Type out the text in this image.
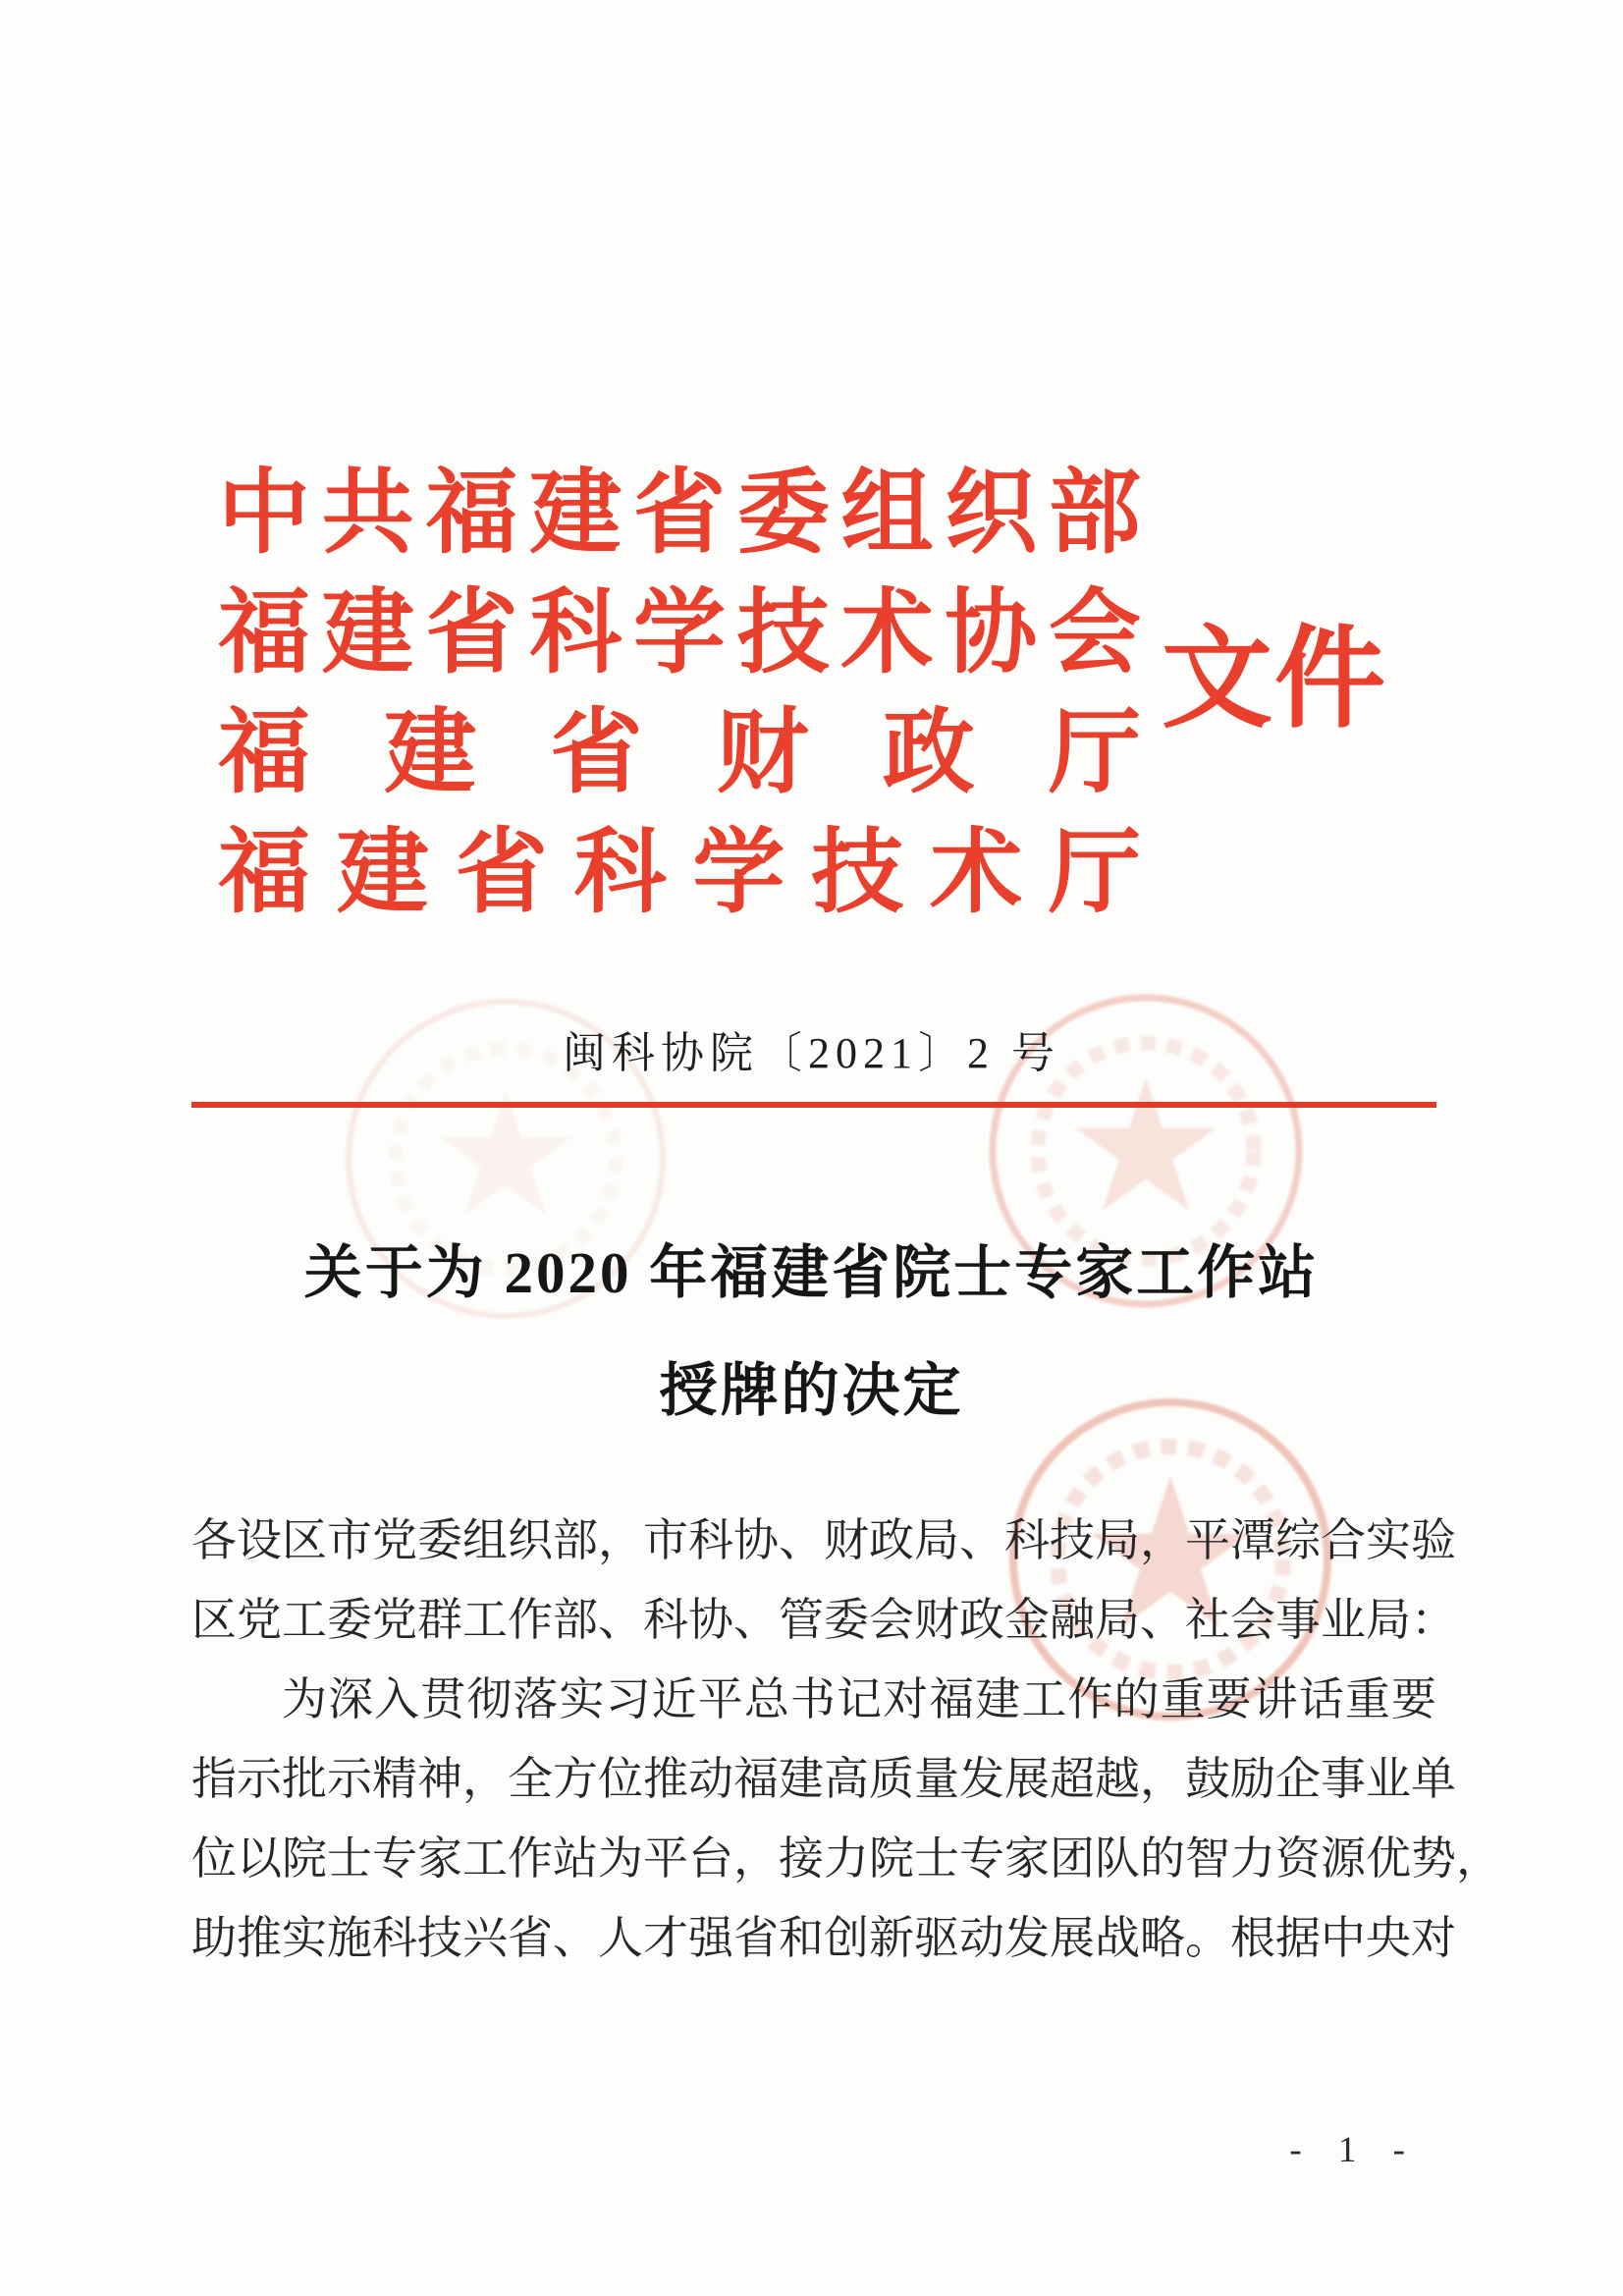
中共福建省委组织部
福建省科学技术协会
福建省财政厅
福建省科学技术厅
文件
闽科协院〔2021〕2 号
关于为 2020 年福建省院士专家工作站
授牌的决定
各设区市党委组织部，市科协、财政局、科技局，平潭综合实验
区党工委党群工作部、科协、管委会财政金融局、社会事业局：
为深入贯彻落实习近平总书记对福建工作的重要讲话重要
指示批示精神，全方位推动福建高质量发展超越，鼓励企事业单
位以院士专家工作站为平台，接力院士专家团队的智力资源优势，
助推实施科技兴省、人才强省和创新驱动发展战略。根据中央对
- 1 -
